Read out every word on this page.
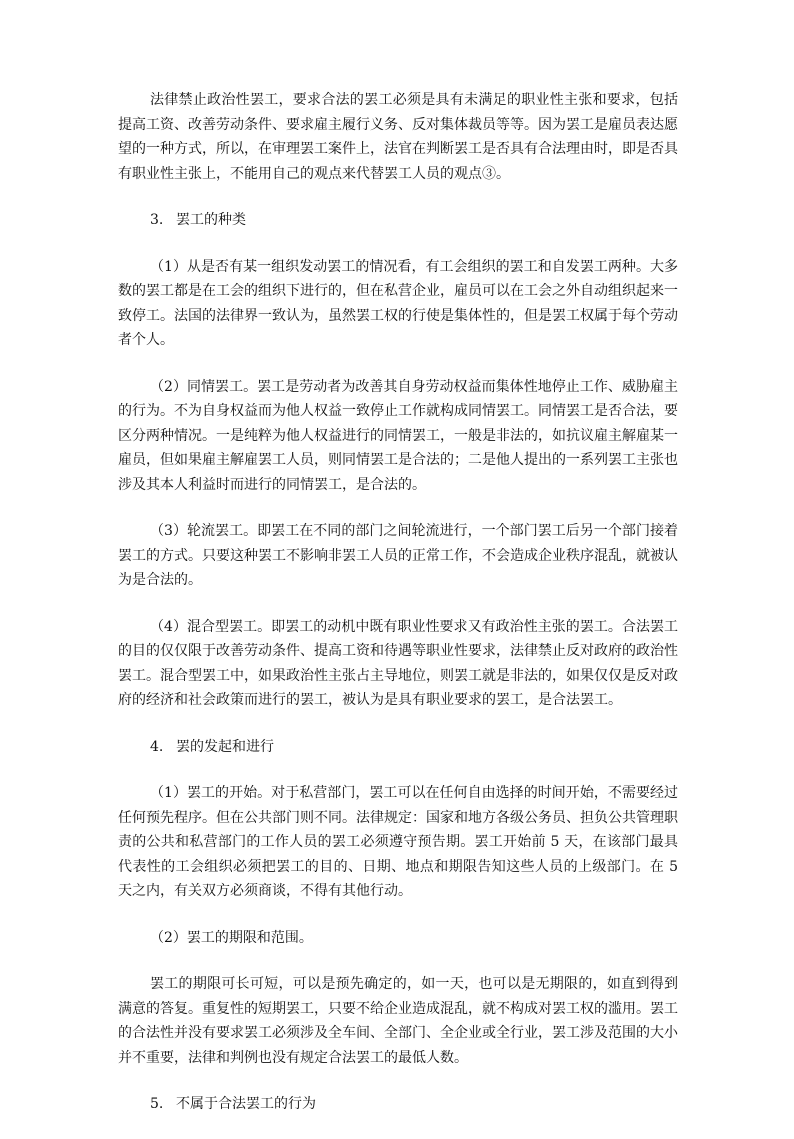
法律禁止政治性罢工，要求合法的罢工必须是具有未满足的职业性主张和要求，包括提高工资、改善劳动条件、要求雇主履行义务、反对集体裁员等等。因为罢工是雇员表达愿望的一种方式，所以，在审理罢工案件上，法官在判断罢工是否具有合法理由时，即是否具有职业性主张上，不能用自己的观点来代替罢工人员的观点③。

3. 罢工的种类

（1）从是否有某一组织发动罢工的情况看，有工会组织的罢工和自发罢工两种。大多数的罢工都是在工会的组织下进行的，但在私营企业，雇员可以在工会之外自动组织起来一致停工。法国的法律界一致认为，虽然罢工权的行使是集体性的，但是罢工权属于每个劳动者个人。

（2）同情罢工。罢工是劳动者为改善其自身劳动权益而集体性地停止工作、威胁雇主的行为。不为自身权益而为他人权益一致停止工作就构成同情罢工。同情罢工是否合法，要区分两种情况。一是纯粹为他人权益进行的同情罢工，一般是非法的，如抗议雇主解雇某一雇员，但如果雇主解雇罢工人员，则同情罢工是合法的；二是他人提出的一系列罢工主张也涉及其本人利益时而进行的同情罢工，是合法的。

（3）轮流罢工。即罢工在不同的部门之间轮流进行，一个部门罢工后另一个部门接着罢工的方式。只要这种罢工不影响非罢工人员的正常工作，不会造成企业秩序混乱，就被认为是合法的。

（4）混合型罢工。即罢工的动机中既有职业性要求又有政治性主张的罢工。合法罢工的目的仅仅限于改善劳动条件、提高工资和待遇等职业性要求，法律禁止反对政府的政治性罢工。混合型罢工中，如果政治性主张占主导地位，则罢工就是非法的，如果仅仅是反对政府的经济和社会政策而进行的罢工，被认为是具有职业要求的罢工，是合法罢工。

4. 罢的发起和进行

（1）罢工的开始。对于私营部门，罢工可以在任何自由选择的时间开始，不需要经过任何预先程序。但在公共部门则不同。法律规定：国家和地方各级公务员、担负公共管理职责的公共和私营部门的工作人员的罢工必须遵守预告期。罢工开始前 5 天，在该部门最具代表性的工会组织必须把罢工的目的、日期、地点和期限告知这些人员的上级部门。在 5 天之内，有关双方必须商谈，不得有其他行动。

（2）罢工的期限和范围。

罢工的期限可长可短，可以是预先确定的，如一天，也可以是无期限的，如直到得到满意的答复。重复性的短期罢工，只要不给企业造成混乱，就不构成对罢工权的滥用。罢工的合法性并没有要求罢工必须涉及全车间、全部门、全企业或全行业，罢工涉及范围的大小并不重要，法律和判例也没有规定合法罢工的最低人数。

5. 不属于合法罢工的行为
